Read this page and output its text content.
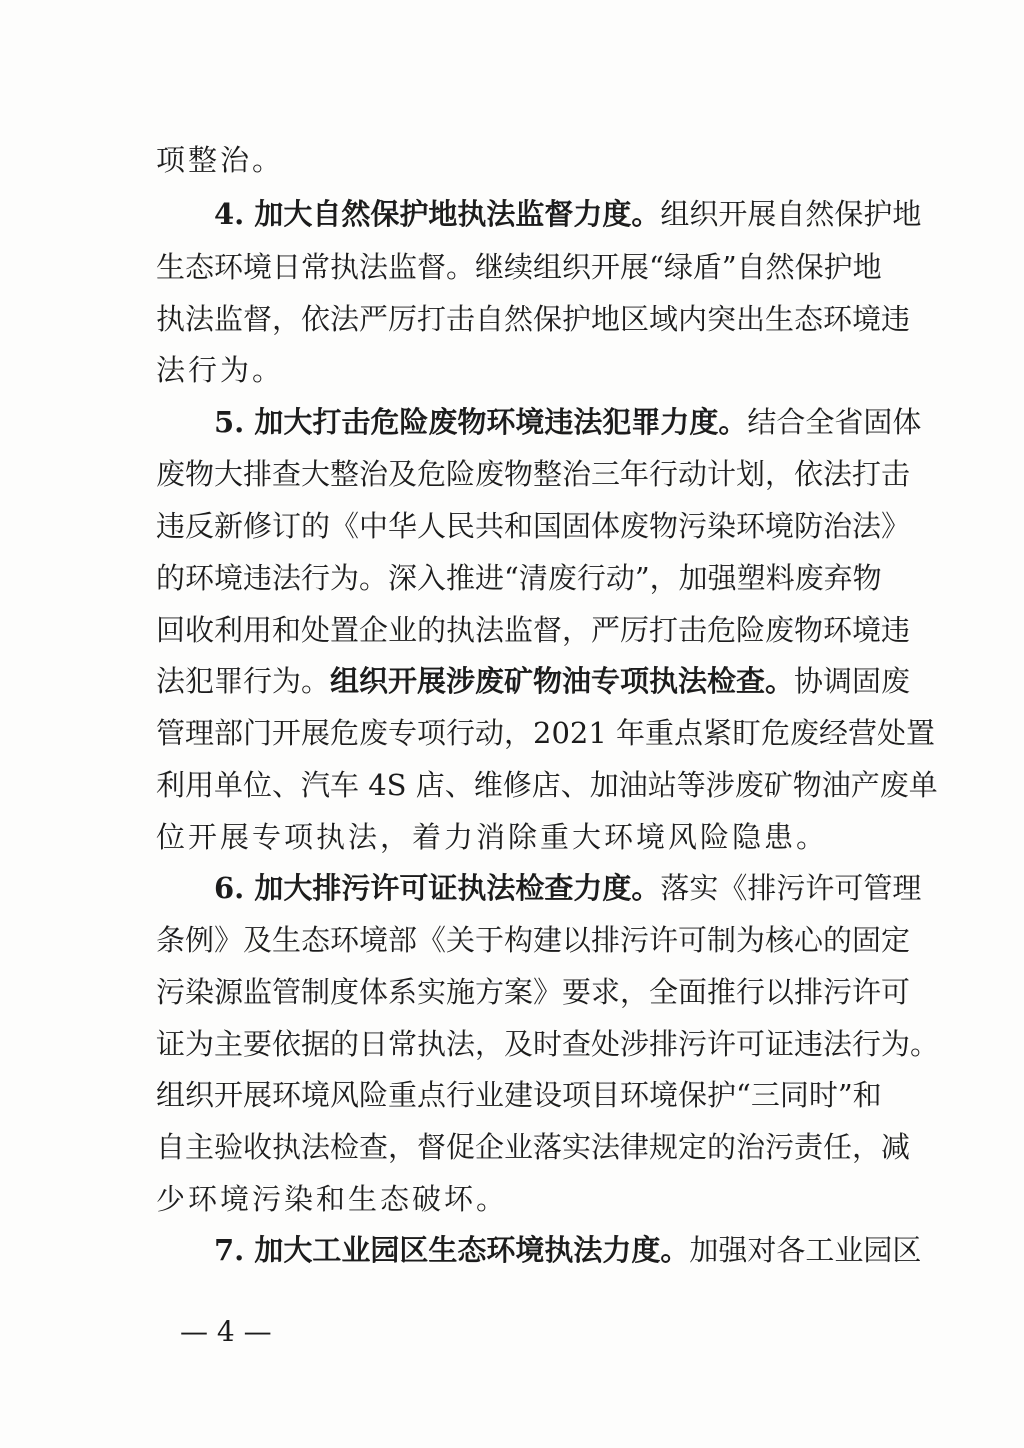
项整治。
4. 加大自然保护地执法监督力度。组织开展自然保护地
生态环境日常执法监督。继续组织开展“绿盾”自然保护地
执法监督，依法严厉打击自然保护地区域内突出生态环境违
法行为。
5. 加大打击危险废物环境违法犯罪力度。结合全省固体
废物大排查大整治及危险废物整治三年行动计划，依法打击
违反新修订的《中华人民共和国固体废物污染环境防治法》
的环境违法行为。深入推进“清废行动”，加强塑料废弃物
回收利用和处置企业的执法监督，严厉打击危险废物环境违
法犯罪行为。组织开展涉废矿物油专项执法检查。协调固废
管理部门开展危废专项行动，2021 年重点紧盯危废经营处置
利用单位、汽车 4S 店、维修店、加油站等涉废矿物油产废单
位开展专项执法，着力消除重大环境风险隐患。
6. 加大排污许可证执法检查力度。落实《排污许可管理
条例》及生态环境部《关于构建以排污许可制为核心的固定
污染源监管制度体系实施方案》要求，全面推行以排污许可
证为主要依据的日常执法，及时查处涉排污许可证违法行为。
组织开展环境风险重点行业建设项目环境保护“三同时”和
自主验收执法检查，督促企业落实法律规定的治污责任，减
少环境污染和生态破坏。
7. 加大工业园区生态环境执法力度。加强对各工业园区
— 4 —
